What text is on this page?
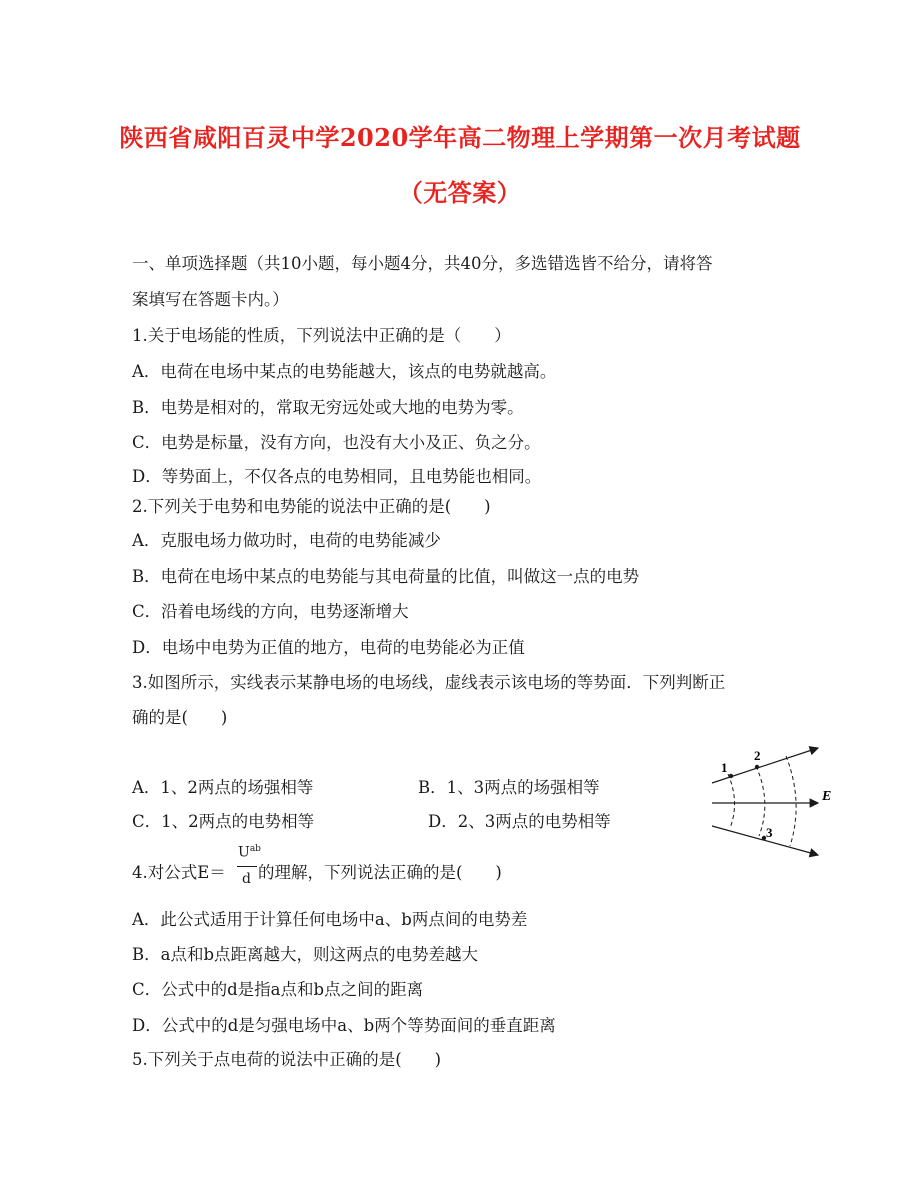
陕西省咸阳百灵中学2020学年高二物理上学期第一次月考试题
（无答案）
一、单项选择题（共10小题，每小题4分，共40分，多选错选皆不给分，请将答
案填写在答题卡内。）
1.关于电场能的性质，下列说法中正确的是（　　）
A．电荷在电场中某点的电势能越大，该点的电势就越高。
B．电势是相对的，常取无穷远处或大地的电势为零。
C．电势是标量，没有方向，也没有大小及正、负之分。
D．等势面上，不仅各点的电势相同，且电势能也相同。
2.下列关于电势和电势能的说法中正确的是(　　)
A．克服电场力做功时，电荷的电势能减少
B．电荷在电场中某点的电势能与其电荷量的比值，叫做这一点的电势
C．沿着电场线的方向，电势逐渐增大
D．电场中电势为正值的地方，电荷的电势能必为正值
3.如图所示，实线表示某静电场的电场线，虚线表示该电场的等势面．下列判断正
确的是(　　)
A．1、2两点的场强相等	B．1、3两点的场强相等
C．1、2两点的电势相等	D．2、3两点的电势相等
1
2
3
E
4.对公式E＝
$U^{ab}$
d 的理解，下列说法正确的是(　　)
A．此公式适用于计算任何电场中a、b两点间的电势差
B．a点和b点距离越大，则这两点的电势差越大
C．公式中的d是指a点和b点之间的距离
D．公式中的d是匀强电场中a、b两个等势面间的垂直距离
5.下列关于点电荷的说法中正确的是(　　)
